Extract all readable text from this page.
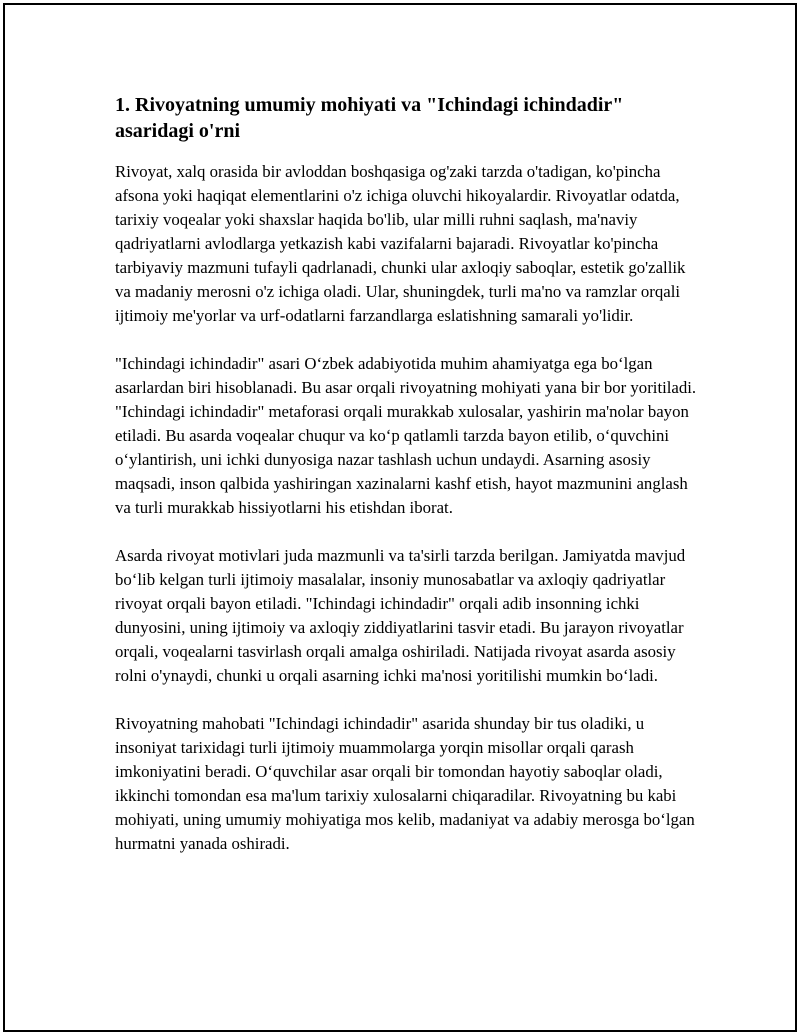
1. Rivoyatning umumiy mohiyati va "Ichindagi ichindadir" asaridagi o'rni

Rivoyat, xalq orasida bir avloddan boshqasiga og'zaki tarzda o'tadigan, ko'pincha afsona yoki haqiqat elementlarini o'z ichiga oluvchi hikoyalardir. Rivoyatlar odatda, tarixiy voqealar yoki shaxslar haqida bo'lib, ular milli ruhni saqlash, ma'naviy qadriyatlarni avlodlarga yetkazish kabi vazifalarni bajaradi. Rivoyatlar ko'pincha tarbiyaviy mazmuni tufayli qadrlanadi, chunki ular axloqiy saboqlar, estetik go'zallik va madaniy merosni o'z ichiga oladi. Ular, shuningdek, turli ma'no va ramzlar orqali ijtimoiy me'yorlar va urf-odatlarni farzandlarga eslatishning samarali yo'lidir.

"Ichindagi ichindadir" asari O‘zbek adabiyotida muhim ahamiyatga ega bo‘lgan asarlardan biri hisoblanadi. Bu asar orqali rivoyatning mohiyati yana bir bor yoritiladi. "Ichindagi ichindadir" metaforasi orqali murakkab xulosalar, yashirin ma'nolar bayon etiladi. Bu asarda voqealar chuqur va ko‘p qatlamli tarzda bayon etilib, o‘quvchini o‘ylantirish, uni ichki dunyosiga nazar tashlash uchun undaydi. Asarning asosiy maqsadi, inson qalbida yashiringan xazinalarni kashf etish, hayot mazmunini anglash va turli murakkab hissiyotlarni his etishdan iborat.

Asarda rivoyat motivlari juda mazmunli va ta'sirli tarzda berilgan. Jamiyatda mavjud bo‘lib kelgan turli ijtimoiy masalalar, insoniy munosabatlar va axloqiy qadriyatlar rivoyat orqali bayon etiladi. "Ichindagi ichindadir" orqali adib insonning ichki dunyosini, uning ijtimoiy va axloqiy ziddiyatlarini tasvir etadi. Bu jarayon rivoyatlar orqali, voqealarni tasvirlash orqali amalga oshiriladi. Natijada rivoyat asarda asosiy rolni o'ynaydi, chunki u orqali asarning ichki ma'nosi yoritilishi mumkin bo‘ladi.

Rivoyatning mahobati "Ichindagi ichindadir" asarida shunday bir tus oladiki, u insoniyat tarixidagi turli ijtimoiy muammolarga yorqin misollar orqali qarash imkoniyatini beradi. O‘quvchilar asar orqali bir tomondan hayotiy saboqlar oladi, ikkinchi tomondan esa ma'lum tarixiy xulosalarni chiqaradilar. Rivoyatning bu kabi mohiyati, uning umumiy mohiyatiga mos kelib, madaniyat va adabiy merosga bo‘lgan hurmatni yanada oshiradi.
